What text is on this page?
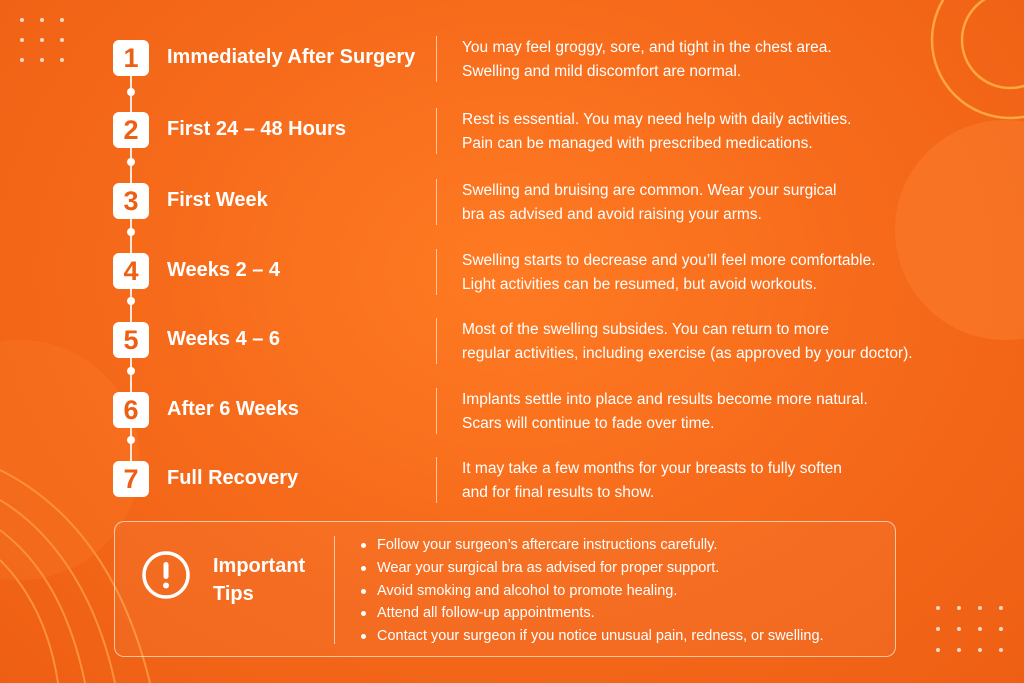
1	Immediately After Surgery	You may feel groggy, sore, and tight in the chest area.
Swelling and mild discomfort are normal.
2	First 24 – 48 Hours	Rest is essential. You may need help with daily activities.
Pain can be managed with prescribed medications.
3	First Week	Swelling and bruising are common. Wear your surgical
bra as advised and avoid raising your arms.
4	Weeks 2 – 4	Swelling starts to decrease and you’ll feel more comfortable.
Light activities can be resumed, but avoid workouts.
5	Weeks 4 – 6	Most of the swelling subsides. You can return to more
regular activities, including exercise (as approved by your doctor).
6	After 6 Weeks	Implants settle into place and results become more natural.
Scars will continue to fade over time.
7	Full Recovery	It may take a few months for your breasts to fully soften
and for final results to show.
Important
Tips
Follow your surgeon’s aftercare instructions carefully.
Wear your surgical bra as advised for proper support.
Avoid smoking and alcohol to promote healing.
Attend all follow-up appointments.
Contact your surgeon if you notice unusual pain, redness, or swelling.
